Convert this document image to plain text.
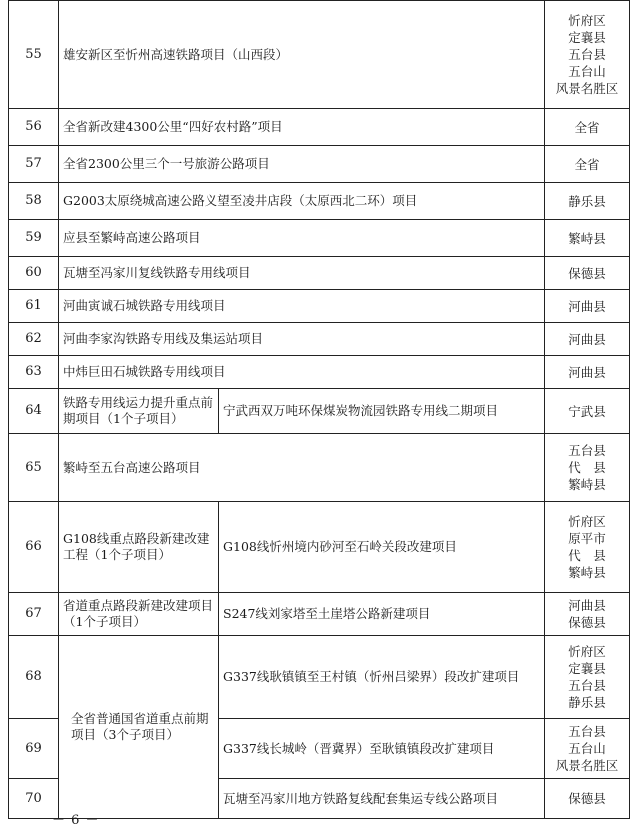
55	雄安新区至忻州高速铁路项目（山西段）		忻府区
定襄县
五台县
五台山
风景名胜区

56	全省新改建4300公里“四好农村路”项目		全省

57	全省2300公里三个一号旅游公路项目		全省

58	G2003太原绕城高速公路义望至凌井店段（太原西北二环）项目		静乐县

59	应县至繁峙高速公路项目		繁峙县

60	瓦塘至冯家川复线铁路专用线项目		保德县

61	河曲寅诚石城铁路专用线项目		河曲县

62	河曲李家沟铁路专用线及集运站项目		河曲县

63	中炜巨田石城铁路专用线项目		河曲县

64	铁路专用线运力提升重点前期项目（1个子项目）	宁武西双万吨环保煤炭物流园铁路专用线二期项目	宁武县

65	繁峙至五台高速公路项目		五台县
代　县
繁峙县

66	G108线重点路段新建改建工程（1个子项目）	G108线忻州境内砂河至石岭关段改建项目	忻府区
原平市
代　县
繁峙县

67	省道重点路段新建改建项目（1个子项目）	S247线刘家塔至土崖塔公路新建项目	河曲县
保德县

68	全省普通国省道重点前期项目（3个子项目）	G337线耿镇镇至王村镇（忻州吕梁界）段改扩建项目	忻府区
定襄县
五台县
静乐县

69		G337线长城岭（晋冀界）至耿镇镇段改扩建项目	五台县
五台山
风景名胜区

70		瓦塘至冯家川地方铁路复线配套集运专线公路项目	保德县
－ 6 －
